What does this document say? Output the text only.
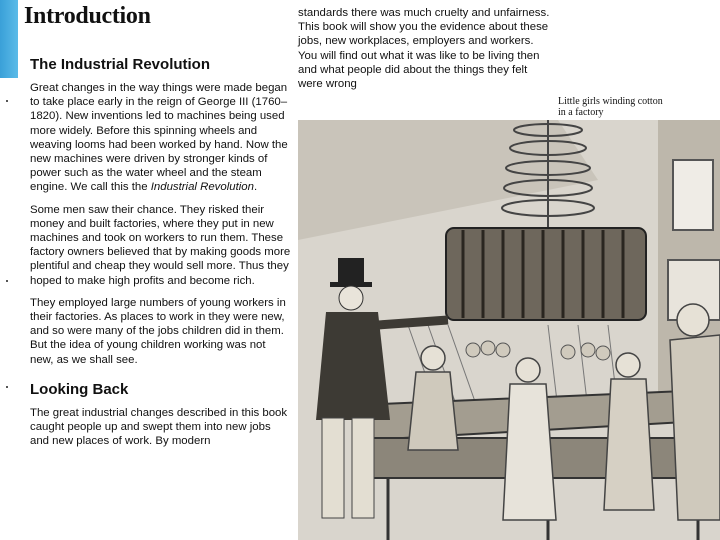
Introduction
The Industrial Revolution

Great changes in the way things were made began to take place early in the reign of George III (1760–1820). New inventions led to machines being used more widely. Before this spinning wheels and weaving looms had been worked by hand. Now the new machines were driven by stronger kinds of power such as the water wheel and the steam engine. We call this the Industrial Revolution.

Some men saw their chance. They risked their money and built factories, where they put in new machines and took on workers to run them. These factory owners believed that by making goods more plentiful and cheap they would sell more. Thus they hoped to make high profits and become rich.

They employed large numbers of young workers in their factories. As places to work in they were new, and so were many of the jobs children did in them. But the idea of young children working was not new, as we shall see.

Looking Back

The great industrial changes described in this book caught people up and swept them into new jobs and new places of work. By modern

standards there was much cruelty and unfairness. This book will show you the evidence about these jobs, new workplaces, employers and workers. You will find out what it was like to be living then and what people did about the things they felt were wrong

Little girls winding cotton in a factory
